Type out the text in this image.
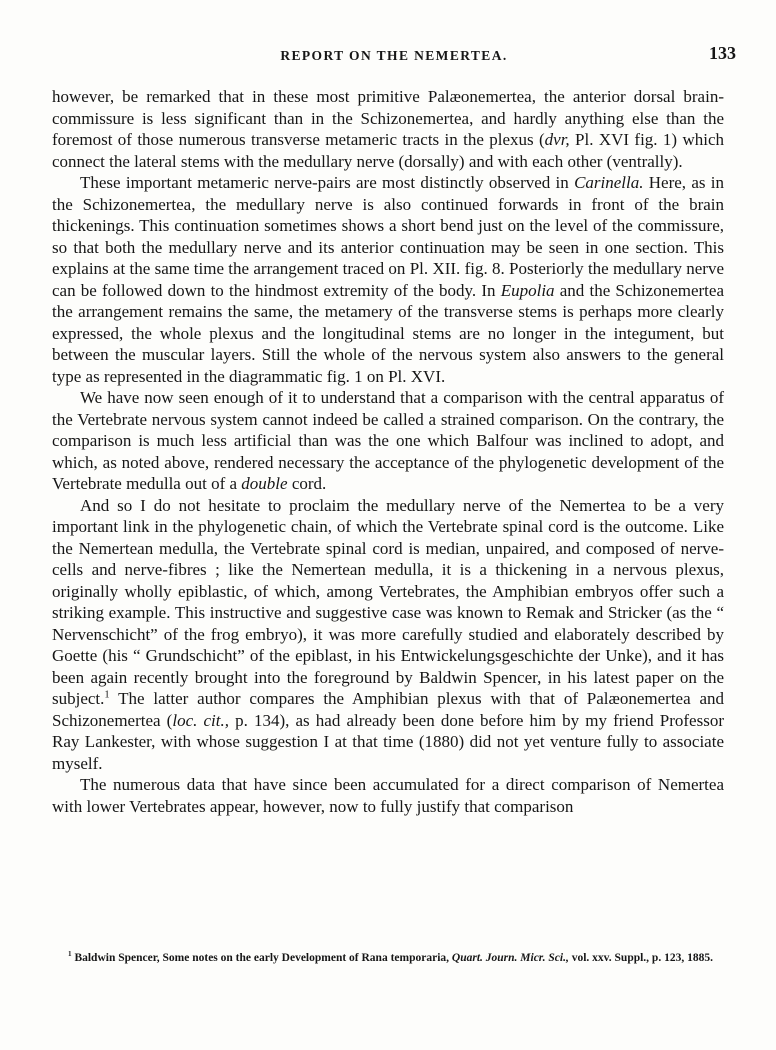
REPORT ON THE NEMERTEA.	133

however, be remarked that in these most primitive Palæonemertea, the anterior dorsal brain-commissure is less significant than in the Schizonemertea, and hardly anything else than the foremost of those numerous transverse metameric tracts in the plexus (dvr, Pl. XVI fig. 1) which connect the lateral stems with the medullary nerve (dorsally) and with each other (ventrally).

These important metameric nerve-pairs are most distinctly observed in Carinella. Here, as in the Schizonemertea, the medullary nerve is also continued forwards in front of the brain thickenings. This continuation sometimes shows a short bend just on the level of the commissure, so that both the medullary nerve and its anterior continuation may be seen in one section. This explains at the same time the arrangement traced on Pl. XII. fig. 8. Posteriorly the medullary nerve can be followed down to the hindmost extremity of the body. In Eupolia and the Schizonemertea the arrangement remains the same, the metamery of the transverse stems is perhaps more clearly expressed, the whole plexus and the longitudinal stems are no longer in the integument, but between the muscular layers. Still the whole of the nervous system also answers to the general type as represented in the diagrammatic fig. 1 on Pl. XVI.

We have now seen enough of it to understand that a comparison with the central apparatus of the Vertebrate nervous system cannot indeed be called a strained comparison. On the contrary, the comparison is much less artificial than was the one which Balfour was inclined to adopt, and which, as noted above, rendered necessary the acceptance of the phylogenetic development of the Vertebrate medulla out of a double cord.

And so I do not hesitate to proclaim the medullary nerve of the Nemertea to be a very important link in the phylogenetic chain, of which the Vertebrate spinal cord is the outcome. Like the Nemertean medulla, the Vertebrate spinal cord is median, unpaired, and composed of nerve-cells and nerve-fibres ; like the Nemertean medulla, it is a thickening in a nervous plexus, originally wholly epiblastic, of which, among Vertebrates, the Amphibian embryos offer such a striking example. This instructive and suggestive case was known to Remak and Stricker (as the “ Nervenschicht” of the frog embryo), it was more carefully studied and elaborately described by Goette (his “ Grundschicht” of the epiblast, in his Entwickelungsgeschichte der Unke), and it has been again recently brought into the foreground by Baldwin Spencer, in his latest paper on the subject.$^1$ The latter author compares the Amphibian plexus with that of Palæonemertea and Schizonemertea (loc. cit., p. 134), as had already been done before him by my friend Professor Ray Lankester, with whose suggestion I at that time (1880) did not yet venture fully to associate myself.

The numerous data that have since been accumulated for a direct comparison of Nemertea with lower Vertebrates appear, however, now to fully justify that comparison

$^1$ Baldwin Spencer, Some notes on the early Development of Rana temporaria, Quart. Journ. Micr. Sci., vol. xxv. Suppl., p. 123, 1885.
